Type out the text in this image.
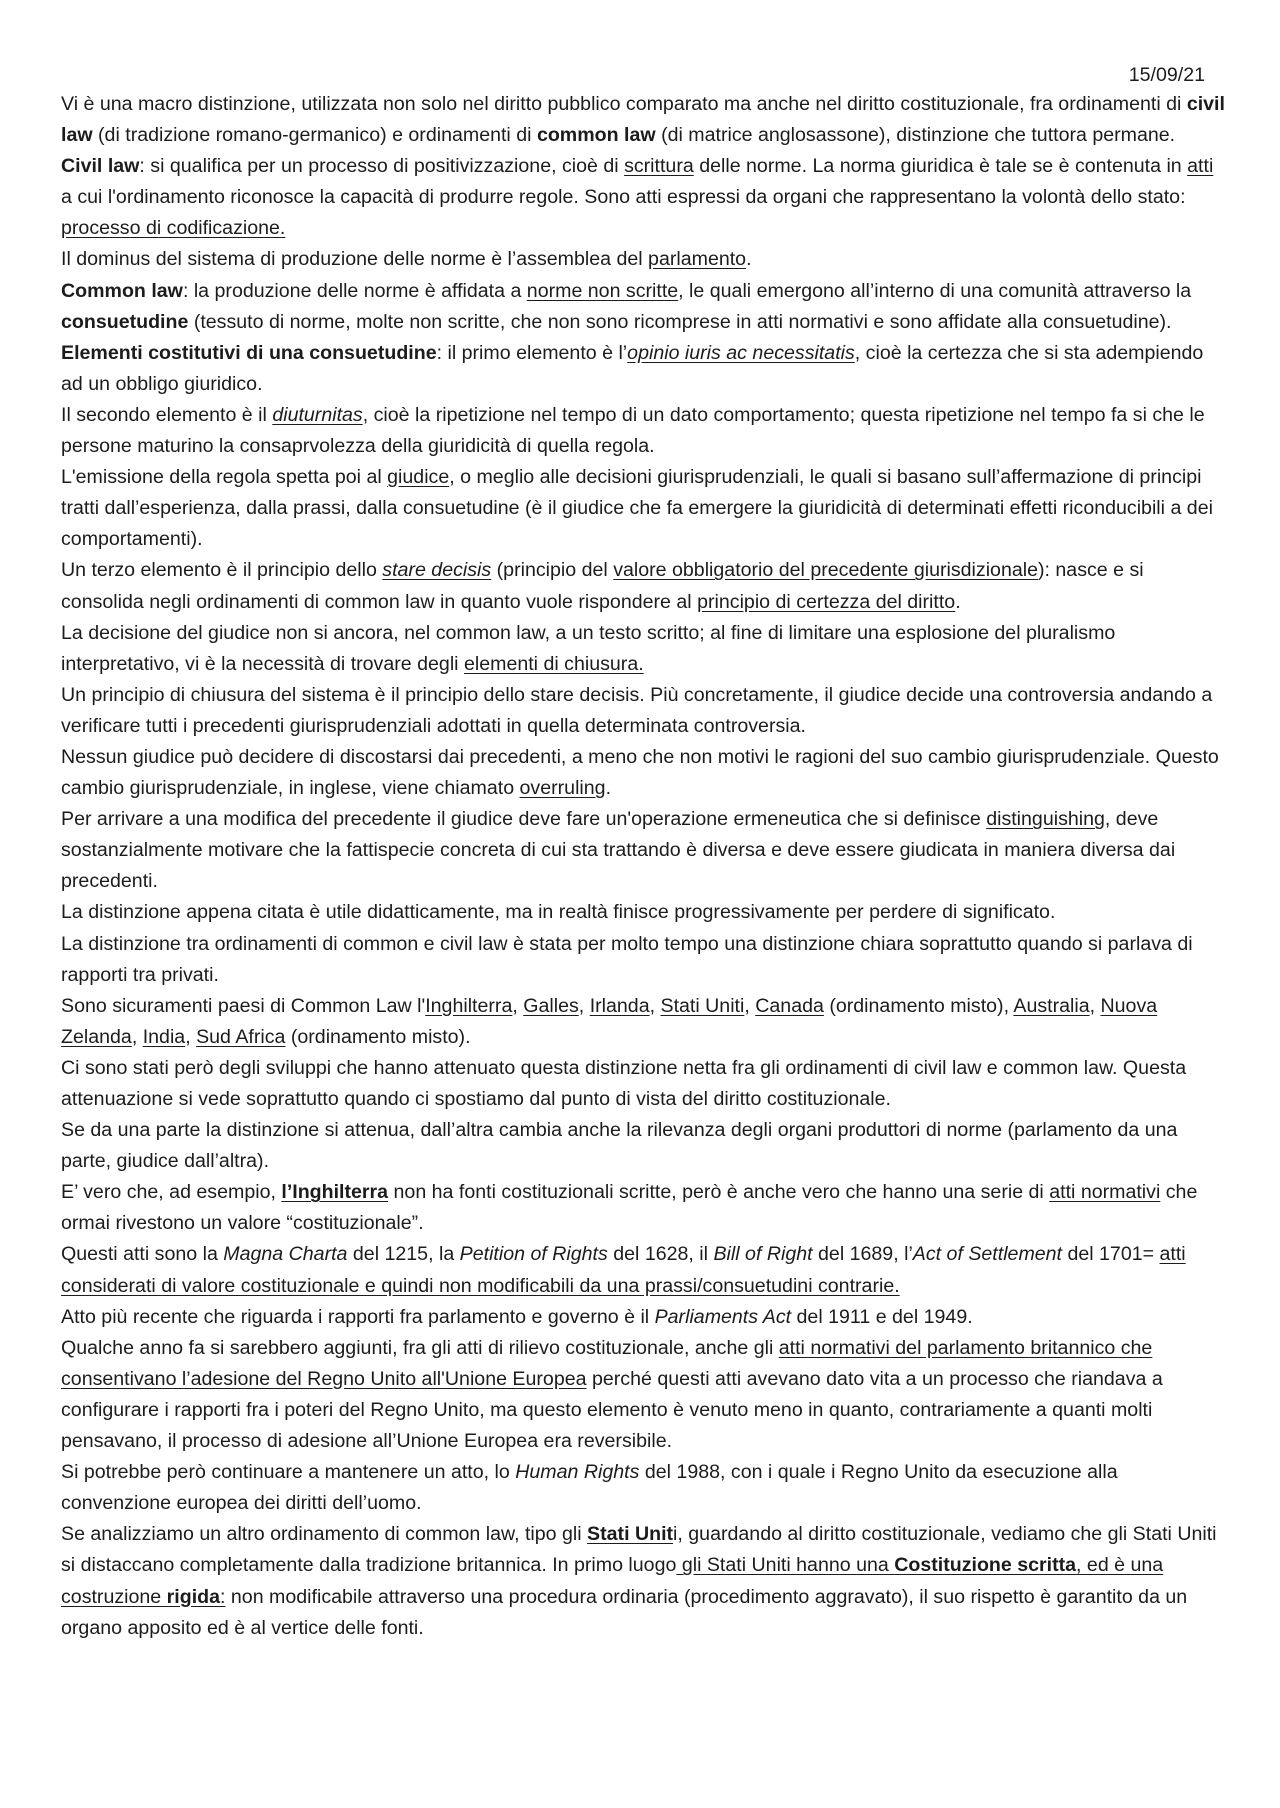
15/09/21

Vi è una macro distinzione, utilizzata non solo nel diritto pubblico comparato ma anche nel diritto costituzionale, fra ordinamenti di civil law (di tradizione romano-germanico) e ordinamenti di common law (di matrice anglosassone), distinzione che tuttora permane.

Civil law: si qualifica per un processo di positivizzazione, cioè di scrittura delle norme. La norma giuridica è tale se è contenuta in atti a cui l'ordinamento riconosce la capacità di produrre regole. Sono atti espressi da organi che rappresentano la volontà dello stato: processo di codificazione.

Il dominus del sistema di produzione delle norme è l’assemblea del parlamento.

Common law: la produzione delle norme è affidata a norme non scritte, le quali emergono all’interno di una comunità attraverso la consuetudine (tessuto di norme, molte non scritte, che non sono ricomprese in atti normativi e sono affidate alla consuetudine).

Elementi costitutivi di una consuetudine: il primo elemento è l’opinio iuris ac necessitatis, cioè la certezza che si sta adempiendo ad un obbligo giuridico.

Il secondo elemento è il diuturnitas, cioè la ripetizione nel tempo di un dato comportamento; questa ripetizione nel tempo fa si che le persone maturino la consaprvolezza della giuridicità di quella regola.

L'emissione della regola spetta poi al giudice, o meglio alle decisioni giurisprudenziali, le quali si basano sull’affermazione di principi tratti dall’esperienza, dalla prassi, dalla consuetudine (è il giudice che fa emergere la giuridicità di determinati effetti riconducibili a dei comportamenti).

Un terzo elemento è il principio dello stare decisis (principio del valore obbligatorio del precedente giurisdizionale): nasce e si consolida negli ordinamenti di common law in quanto vuole rispondere al principio di certezza del diritto.

La decisione del giudice non si ancora, nel common law, a un testo scritto; al fine di limitare una esplosione del pluralismo interpretativo, vi è la necessità di trovare degli elementi di chiusura.

Un principio di chiusura del sistema è il principio dello stare decisis. Più concretamente, il giudice decide una controversia andando a verificare tutti i precedenti giurisprudenziali adottati in quella determinata controversia.

Nessun giudice può decidere di discostarsi dai precedenti, a meno che non motivi le ragioni del suo cambio giurisprudenziale. Questo cambio giurisprudenziale, in inglese, viene chiamato overruling.

Per arrivare a una modifica del precedente il giudice deve fare un'operazione ermeneutica che si definisce distinguishing, deve sostanzialmente motivare che la fattispecie concreta di cui sta trattando è diversa e deve essere giudicata in maniera diversa dai precedenti.

La distinzione appena citata è utile didatticamente, ma in realtà finisce progressivamente per perdere di significato.

La distinzione tra ordinamenti di common e civil law è stata per molto tempo una distinzione chiara soprattutto quando si parlava di rapporti tra privati.

Sono sicuramenti paesi di Common Law l'Inghilterra, Galles, Irlanda, Stati Uniti, Canada (ordinamento misto), Australia, Nuova Zelanda, India, Sud Africa (ordinamento misto).

Ci sono stati però degli sviluppi che hanno attenuato questa distinzione netta fra gli ordinamenti di civil law e common law. Questa attenuazione si vede soprattutto quando ci spostiamo dal punto di vista del diritto costituzionale.

Se da una parte la distinzione si attenua, dall’altra cambia anche la rilevanza degli organi produttori di norme (parlamento da una parte, giudice dall’altra).

E’ vero che, ad esempio, l’Inghilterra non ha fonti costituzionali scritte, però è anche vero che hanno una serie di atti normativi che ormai rivestono un valore “costituzionale”.

Questi atti sono la Magna Charta del 1215, la Petition of Rights del 1628, il Bill of Right del 1689, l’Act of Settlement del 1701= atti considerati di valore costituzionale e quindi non modificabili da una prassi/consuetudini contrarie.

Atto più recente che riguarda i rapporti fra parlamento e governo è il Parliaments Act del 1911 e del 1949.

Qualche anno fa si sarebbero aggiunti, fra gli atti di rilievo costituzionale, anche gli atti normativi del parlamento britannico che consentivano l’adesione del Regno Unito all'Unione Europea perché questi atti avevano dato vita a un processo che riandava a configurare i rapporti fra i poteri del Regno Unito, ma questo elemento è venuto meno in quanto, contrariamente a quanti molti pensavano, il processo di adesione all’Unione Europea era reversibile.

Si potrebbe però continuare a mantenere un atto, lo Human Rights del 1988, con i quale i Regno Unito da esecuzione alla convenzione europea dei diritti dell’uomo.

Se analizziamo un altro ordinamento di common law, tipo gli Stati Uniti, guardando al diritto costituzionale, vediamo che gli Stati Uniti si distaccano completamente dalla tradizione britannica. In primo luogo gli Stati Uniti hanno una Costituzione scritta, ed è una costruzione rigida: non modificabile attraverso una procedura ordinaria (procedimento aggravato), il suo rispetto è garantito da un organo apposito ed è al vertice delle fonti.
